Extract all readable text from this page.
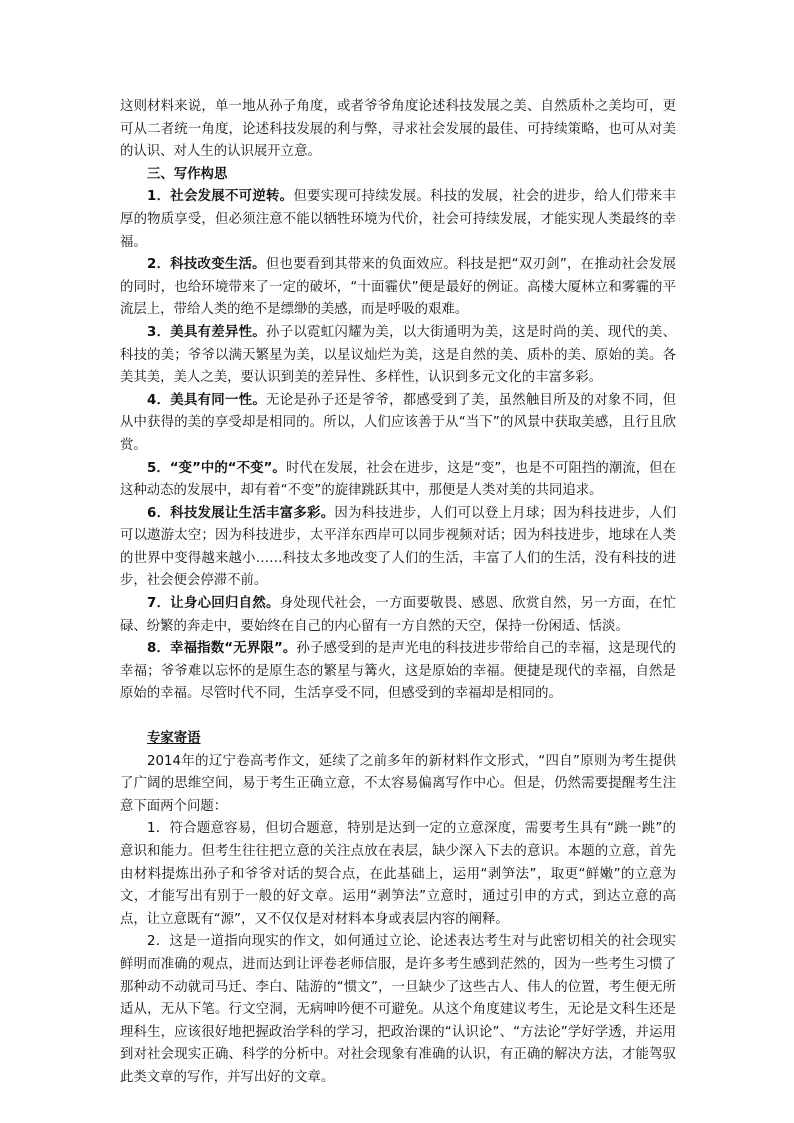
这则材料来说，单一地从孙子角度，或者爷爷角度论述科技发展之美、自然质朴之美均可，更可从二者统一角度，论述科技发展的利与弊，寻求社会发展的最佳、可持续策略，也可从对美的认识、对人生的认识展开立意。

三、写作构思

1．社会发展不可逆转。但要实现可持续发展。科技的发展，社会的进步，给人们带来丰厚的物质享受，但必须注意不能以牺牲环境为代价，社会可持续发展，才能实现人类最终的幸福。

2．科技改变生活。但也要看到其带来的负面效应。科技是把“双刃剑”，在推动社会发展的同时，也给环境带来了一定的破坏，“十面霾伏”便是最好的例证。高楼大厦林立和雾霾的平流层上，带给人类的绝不是缥缈的美感，而是呼吸的艰难。

3．美具有差异性。孙子以霓虹闪耀为美，以大街通明为美，这是时尚的美、现代的美、科技的美；爷爷以满天繁星为美，以星议灿烂为美，这是自然的美、质朴的美、原始的美。各美其美，美人之美，要认识到美的差异性、多样性，认识到多元文化的丰富多彩。

4．美具有同一性。无论是孙子还是爷爷，都感受到了美，虽然触目所及的对象不同，但从中获得的美的享受却是相同的。所以，人们应该善于从“当下”的风景中获取美感，且行且欣赏。

5．“变”中的“不变”。时代在发展，社会在进步，这是“变”，也是不可阻挡的潮流，但在这种动态的发展中，却有着“不变”的旋律跳跃其中，那便是人类对美的共同追求。

6．科技发展让生活丰富多彩。因为科技进步，人们可以登上月球；因为科技进步，人们可以遨游太空；因为科技进步，太平洋东西岸可以同步视频对话；因为科技进步，地球在人类的世界中变得越来越小……科技太多地改变了人们的生活，丰富了人们的生活，没有科技的进步，社会便会停滞不前。

7．让身心回归自然。身处现代社会，一方面要敬畏、感恩、欣赏自然，另一方面，在忙碌、纷繁的奔走中，要始终在自己的内心留有一方自然的天空，保持一份闲适、恬淡。

8．幸福指数“无界限”。孙子感受到的是声光电的科技进步带给自己的幸福，这是现代的幸福；爷爷难以忘怀的是原生态的繁星与篝火，这是原始的幸福。便捷是现代的幸福，自然是原始的幸福。尽管时代不同，生活享受不同，但感受到的幸福却是相同的。

专家寄语

2014年的辽宁卷高考作文，延续了之前多年的新材料作文形式，“四自”原则为考生提供了广阔的思维空间，易于考生正确立意，不太容易偏离写作中心。但是，仍然需要提醒考生注意下面两个问题：

1．符合题意容易，但切合题意，特别是达到一定的立意深度，需要考生具有“跳一跳”的意识和能力。但考生往往把立意的关注点放在表层，缺少深入下去的意识。本题的立意，首先由材料提炼出孙子和爷爷对话的契合点，在此基础上，运用“剥笋法”，取更“鲜嫩”的立意为文，才能写出有别于一般的好文章。运用“剥笋法”立意时，通过引申的方式，到达立意的高点，让立意既有“源”，又不仅仅是对材料本身或表层内容的阐释。

2．这是一道指向现实的作文，如何通过立论、论述表达考生对与此密切相关的社会现实鲜明而准确的观点，进而达到让评卷老师信服，是许多考生感到茫然的，因为一些考生习惯了那种动不动就司马迁、李白、陆游的“惯文”，一旦缺少了这些古人、伟人的位置，考生便无所适从，无从下笔。行文空洞，无病呻吟便不可避免。从这个角度建议考生，无论是文科生还是理科生，应该很好地把握政治学科的学习，把政治课的“认识论”、“方法论”学好学透，并运用到对社会现实正确、科学的分析中。对社会现象有准确的认识，有正确的解决方法，才能驾驭此类文章的写作，并写出好的文章。
